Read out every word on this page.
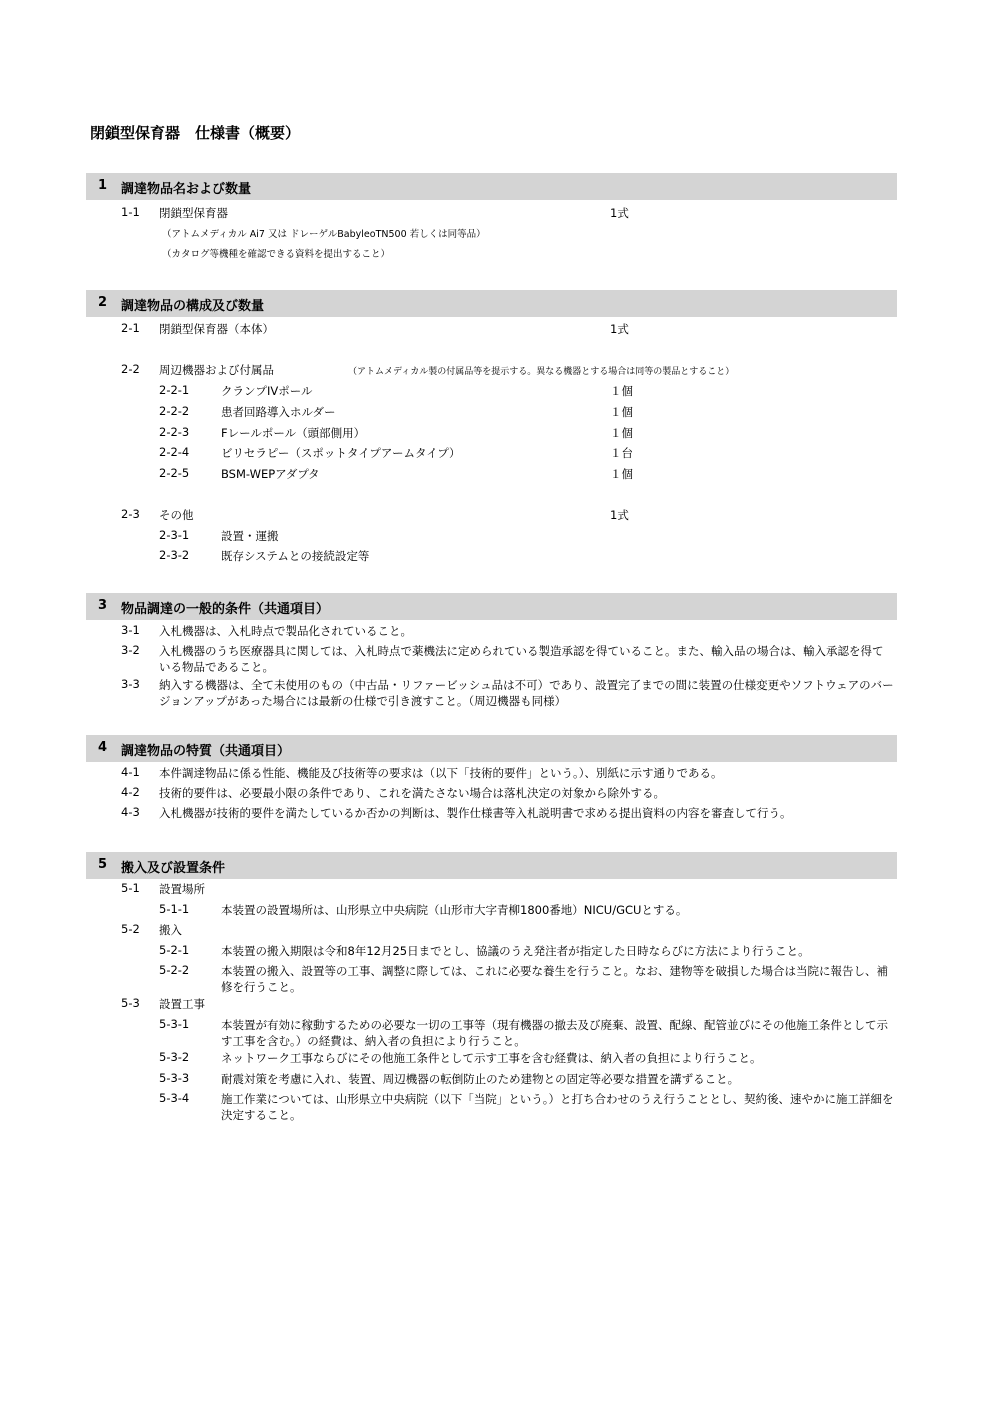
閉鎖型保育器　仕様書（概要）
1 調達物品名および数量
1-1 閉鎖型保育器	1式
（アトムメディカル Ai7 又は ドレーゲルBabyleoTN500 若しくは同等品）
（カタログ等機種を確認できる資料を提出すること）
2 調達物品の構成及び数量
2-1 閉鎖型保育器（本体）	1式
2-2 周辺機器および付属品	（アトムメディカル製の付属品等を提示する。異なる機器とする場合は同等の製品とすること）
2-2-1	クランプIVポール	１個
2-2-2	患者回路導入ホルダー	１個
2-2-3	Fレールポール（頭部側用）	１個
2-2-4	ビリセラピー（スポットタイプアームタイプ）	１台
2-2-5	BSM-WEPアダプタ	１個
2-3 その他	1式
2-3-1	設置・運搬
2-3-2	既存システムとの接続設定等
3 物品調達の一般的条件（共通項目）
3-1 入札機器は、入札時点で製品化されていること。
3-2 入札機器のうち医療器具に関しては、入札時点で薬機法に定められている製造承認を得ていること。また、輸入品の場合は、輸入承認を得ている物品であること。
3-3 納入する機器は、全て未使用のもの（中古品・リファービッシュ品は不可）であり、設置完了までの間に装置の仕様変更やソフトウェアのバージョンアップがあった場合には最新の仕様で引き渡すこと。（周辺機器も同様）
4 調達物品の特質（共通項目）
4-1 本件調達物品に係る性能、機能及び技術等の要求は（以下「技術的要件」という。）、別紙に示す通りである。
4-2 技術的要件は、必要最小限の条件であり、これを満たさない場合は落札決定の対象から除外する。
4-3 入札機器が技術的要件を満たしているか否かの判断は、製作仕様書等入札説明書で求める提出資料の内容を審査して行う。
5 搬入及び設置条件
5-1 設置場所
5-1-1	本装置の設置場所は、山形県立中央病院（山形市大字青柳1800番地）NICU/GCUとする。
5-2 搬入
5-2-1	本装置の搬入期限は令和8年12月25日までとし、協議のうえ発注者が指定した日時ならびに方法により行うこと。
5-2-2	本装置の搬入、設置等の工事、調整に際しては、これに必要な養生を行うこと。なお、建物等を破損した場合は当院に報告し、補修を行うこと。
5-3 設置工事
5-3-1	本装置が有効に稼動するための必要な一切の工事等（現有機器の撤去及び廃棄、設置、配線、配管並びにその他施工条件として示す工事を含む。）の経費は、納入者の負担により行うこと。
5-3-2	ネットワーク工事ならびにその他施工条件として示す工事を含む経費は、納入者の負担により行うこと。
5-3-3	耐震対策を考慮に入れ、装置、周辺機器の転倒防止のため建物との固定等必要な措置を講ずること。
5-3-4	施工作業については、山形県立中央病院（以下「当院」という。）と打ち合わせのうえ行うこととし、契約後、速やかに施工詳細を決定すること。
